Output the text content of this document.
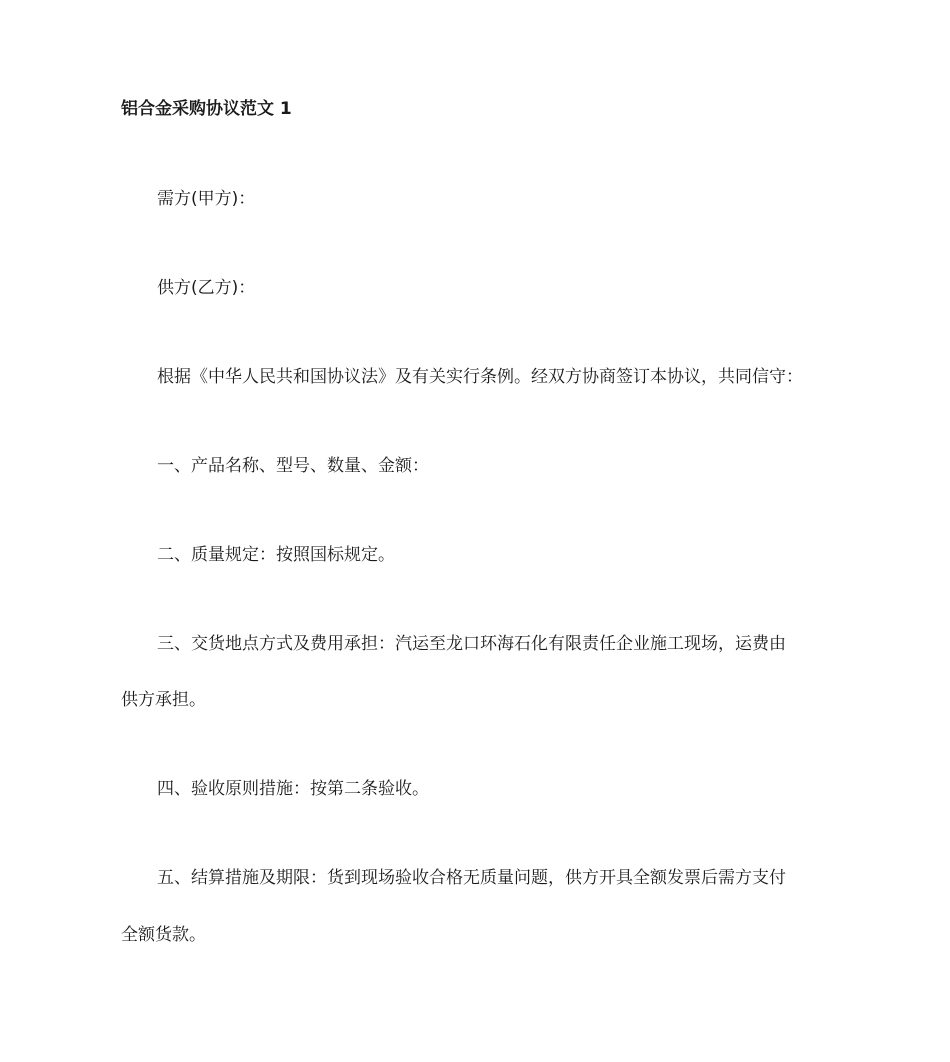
铝合金采购协议范文 1
需方(甲方)：
供方(乙方)：
根据《中华人民共和国协议法》及有关实行条例。经双方协商签订本协议，共同信守：
一、产品名称、型号、数量、金额：
二、质量规定：按照国标规定。
三、交货地点方式及费用承担：汽运至龙口环海石化有限责任企业施工现场，运费由
供方承担。
四、验收原则措施：按第二条验收。
五、结算措施及期限：货到现场验收合格无质量问题，供方开具全额发票后需方支付
全额货款。
